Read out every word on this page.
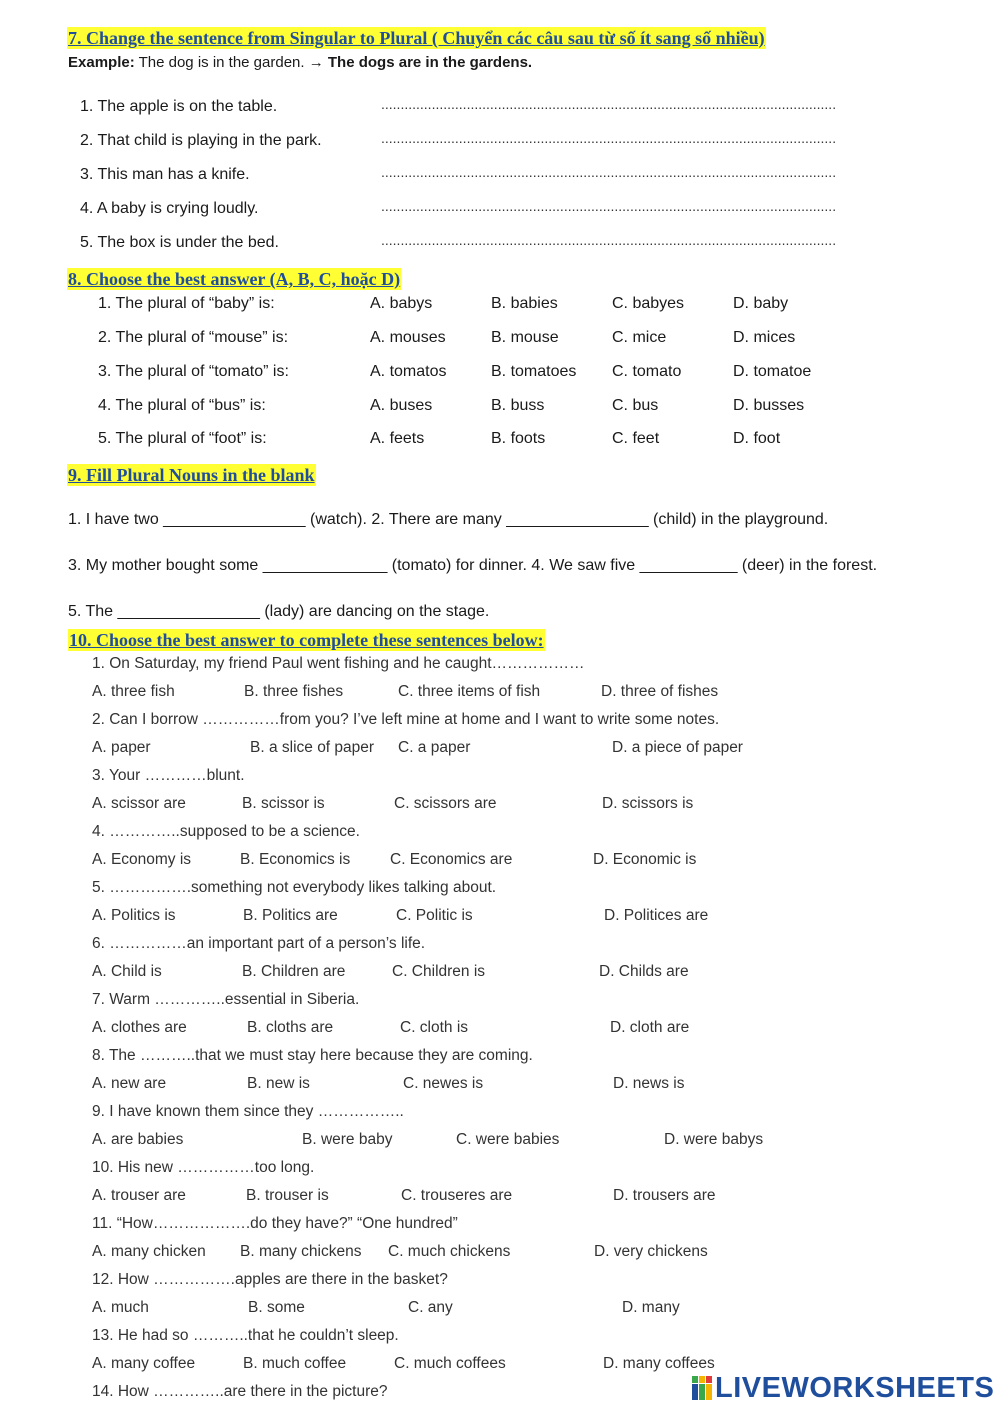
7. Change the sentence from Singular to Plural ( Chuyển các câu sau từ số ít sang số nhiều)
Example: The dog is in the garden. → The dogs are in the gardens.
1. The apple is on the table.	.....................................................................................................................
2. That child is playing in the park.	.....................................................................................................................
3. This man has a knife.	.....................................................................................................................
4. A baby is crying loudly.	.....................................................................................................................
5. The box is under the bed.	.....................................................................................................................
8. Choose the best answer (A, B, C, hoặc D)
1. The plural of “baby” is:	A. babys	B. babies	C. babyes	D. baby
2. The plural of “mouse” is:	A. mouses	B. mouse	C. mice	D. mices
3. The plural of “tomato” is:	A. tomatos	B. tomatoes C. tomato	D. tomatoe
4. The plural of “bus” is:	A. buses	B. buss	C. bus	D. busses
5. The plural of “foot” is:	A. feets	B. foots	C. feet	D. foot
9. Fill Plural Nouns in the blank
1. I have two ________________ (watch). 2. There are many ________________ (child) in the playground.
3. My mother bought some ______________ (tomato) for dinner. 4. We saw five ___________ (deer) in the forest.
5. The ________________ (lady) are dancing on the stage.
10. Choose the best answer to complete these sentences below:
1. On Saturday, my friend Paul went fishing and he caught………………
A. three fish	B. three fishes	C. three items of fish	D. three of fishes
2. Can I borrow ……………from you? I’ve left mine at home and I want to write some notes.
A. paper	B. a slice of paper C. a paper	D. a piece of paper
3. Your …………blunt.
A. scissor are	B. scissor is	C. scissors are	D. scissors is
4. …………..supposed to be a science.
A. Economy is	B. Economics is	C. Economics are	D. Economic is
5. …………….something not everybody likes talking about.
A. Politics is	B. Politics are	C. Politic is	D. Politices are
6. ……………an important part of a person’s life.
A. Child is	B. Children are	C. Children is	D. Childs are
7. Warm …………..essential in Siberia.
A. clothes are	B. cloths are	C. cloth is	D. cloth are
8. The ………..that we must stay here because they are coming.
A. new are	B. new is	C. newes is	D. news is
9. I have known them since they ……………..
A. are babies	B. were baby	C. were babies	D. were babys
10. His new ……………too long.
A. trouser are	B. trouser is	C. trouseres are	D. trousers are
11. “How……………….do they have?” “One hundred”
A. many chicken B. many chickens C. much chickens	D. very chickens
12. How …………….apples are there in the basket?
A. much	B. some	C. any	D. many
13. He had so ………..that he couldn’t sleep.
A. many coffee	B. much coffee	C. much coffees	D. many coffees
14. How …………..are there in the picture?	LIVEWORKSHEETS
